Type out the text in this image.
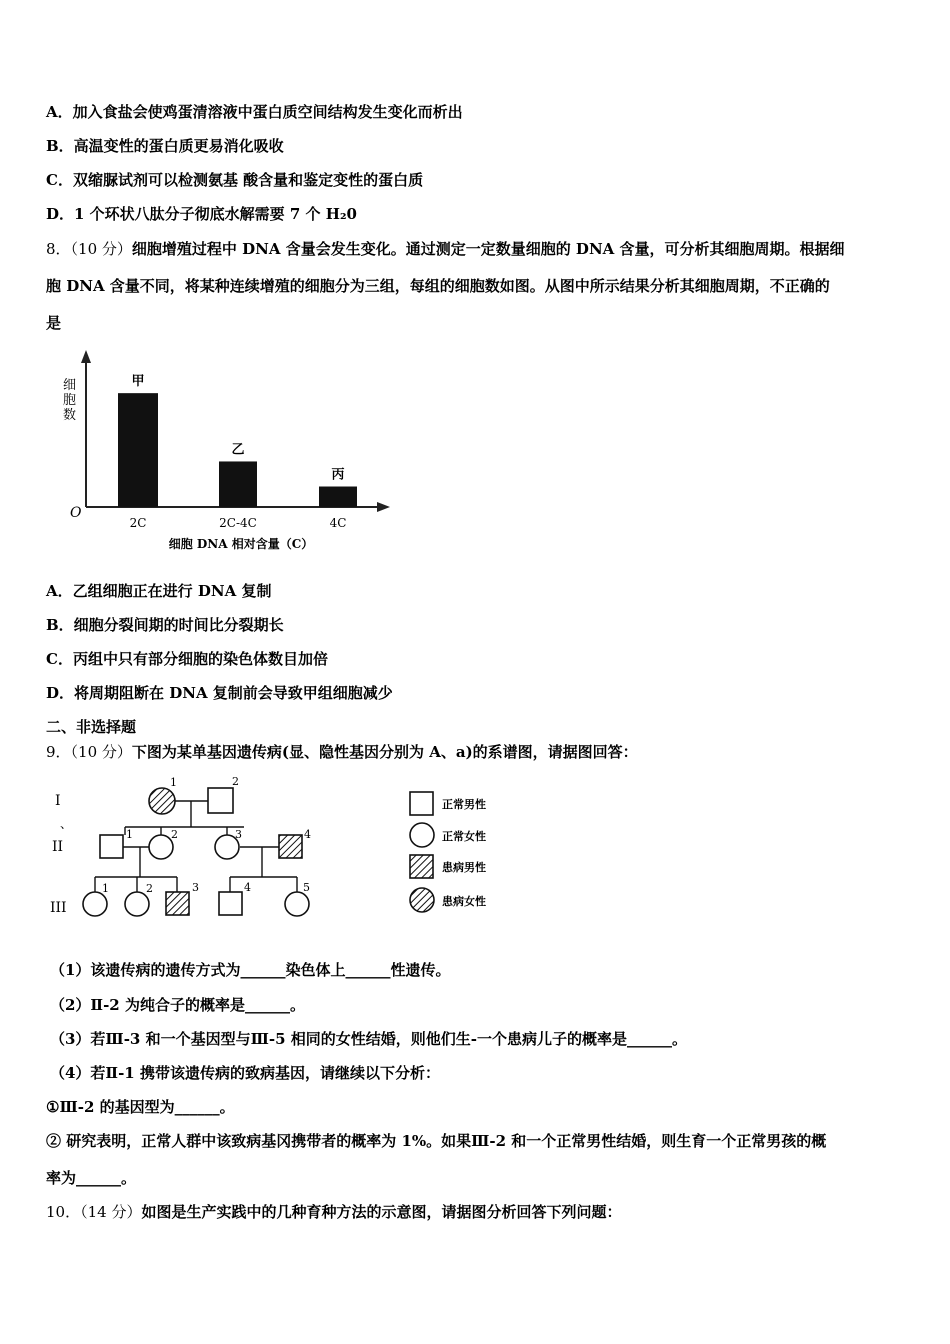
A．加入食盐会使鸡蛋清溶液中蛋白质空间结构发生变化而析出
B．高温变性的蛋白质更易消化吸收
C．双缩脲试剂可以检测氨基 酸含量和鉴定变性的蛋白质
D．1 个环状八肽分子彻底水解需要 7 个 H₂0
8．（10 分）细胞增殖过程中 DNA 含量会发生变化。通过测定一定数量细胞的 DNA 含量，可分析其细胞周期。根据细
胞 DNA 含量不同，将某种连续增殖的细胞分为三组，每组的细胞数如图。从图中所示结果分析其细胞周期，不正确的
是
O
细
胞
数
甲
2C
乙
2C-4C
丙
4C
细胞 DNA 相对含量（C）
A．乙组细胞正在进行 DNA 复制
B．细胞分裂间期的时间比分裂期长
C．丙组中只有部分细胞的染色体数目加倍
D．将周期阻断在 DNA 复制前会导致甲组细胞减少
二、非选择题
9．（10 分）下图为某单基因遗传病(显、隐性基因分别为 A、a)的系谱图，请据图回答：
I
、
II
III
1	2
1	2	3	4
1	2	3	4	5
正常男性
正常女性
患病男性
患病女性
（1）该遗传病的遗传方式为______染色体上______性遗传。
（2）Ⅱ-2 为纯合子的概率是______。
（3）若Ⅲ-3 和一个基因型与Ⅲ-5 相同的女性结婚，则他们生-一个患病儿子的概率是______。
（4）若Ⅱ-1 携带该遗传病的致病基因，请继续以下分析：
①Ⅲ-2 的基因型为______。
② 研究表明，正常人群中该致病基冈携带者的概率为 1%。如果Ⅲ-2 和一个正常男性结婚，则生育一个正常男孩的概
率为______。
10．（14 分）如图是生产实践中的几种育种方法的示意图，请据图分析回答下列问题：
